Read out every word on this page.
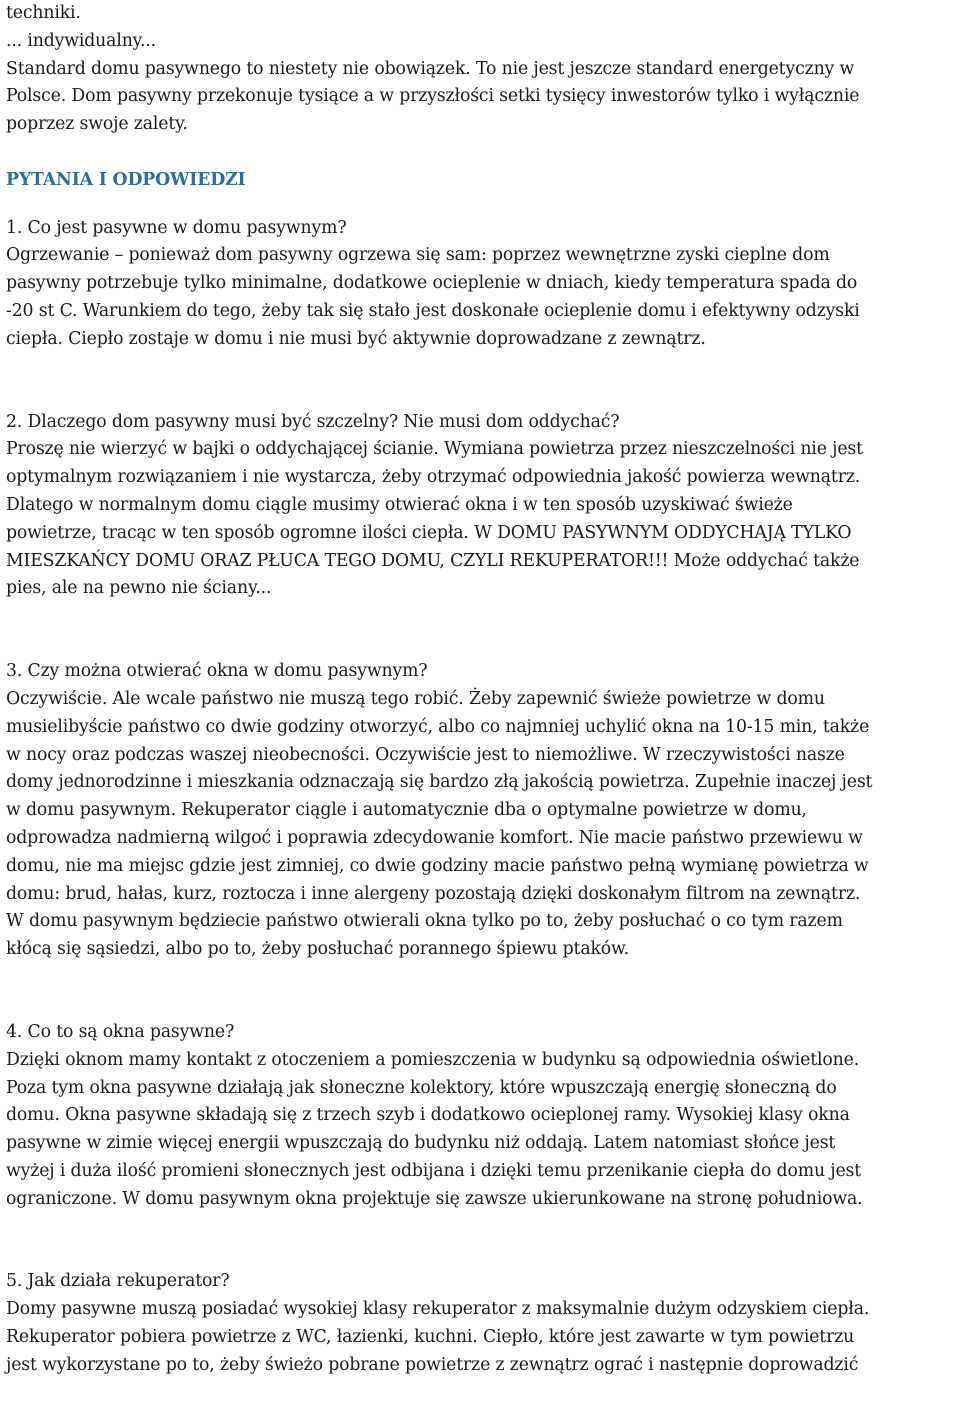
techniki.
... indywidualny...
Standard domu pasywnego to niestety nie obowiązek. To nie jest jeszcze standard energetyczny w
Polsce. Dom pasywny przekonuje tysiące a w przyszłości setki tysięcy inwestorów tylko i wyłącznie
poprzez swoje zalety.
PYTANIA I ODPOWIEDZI
1. Co jest pasywne w domu pasywnym?
Ogrzewanie – ponieważ dom pasywny ogrzewa się sam: poprzez wewnętrzne zyski cieplne dom
pasywny potrzebuje tylko minimalne, dodatkowe ocieplenie w dniach, kiedy temperatura spada do
-20 st C. Warunkiem do tego, żeby tak się stało jest doskonałe ocieplenie domu i efektywny odzyski
ciepła. Ciepło zostaje w domu i nie musi być aktywnie doprowadzane z zewnątrz.
2. Dlaczego dom pasywny musi być szczelny? Nie musi dom oddychać?
Proszę nie wierzyć w bajki o oddychającej ścianie. Wymiana powietrza przez nieszczelności nie jest
optymalnym rozwiązaniem i nie wystarcza, żeby otrzymać odpowiednia jakość powierza wewnątrz.
Dlatego w normalnym domu ciągle musimy otwierać okna i w ten sposób uzyskiwać świeże
powietrze, tracąc w ten sposób ogromne ilości ciepła. W DOMU PASYWNYM ODDYCHAJĄ TYLKO
MIESZKAŃCY DOMU ORAZ PŁUCA TEGO DOMU, CZYLI REKUPERATOR!!! Może oddychać także
pies, ale na pewno nie ściany...
3. Czy można otwierać okna w domu pasywnym?
Oczywiście. Ale wcale państwo nie muszą tego robić. Żeby zapewnić świeże powietrze w domu
musielibyście państwo co dwie godziny otworzyć, albo co najmniej uchylić okna na 10-15 min, także
w nocy oraz podczas waszej nieobecności. Oczywiście jest to niemożliwe. W rzeczywistości nasze
domy jednorodzinne i mieszkania odznaczają się bardzo złą jakością powietrza. Zupełnie inaczej jest
w domu pasywnym. Rekuperator ciągle i automatycznie dba o optymalne powietrze w domu,
odprowadza nadmierną wilgoć i poprawia zdecydowanie komfort. Nie macie państwo przewiewu w
domu, nie ma miejsc gdzie jest zimniej, co dwie godziny macie państwo pełną wymianę powietrza w
domu: brud, hałas, kurz, roztocza i inne alergeny pozostają dzięki doskonałym filtrom na zewnątrz.
W domu pasywnym będziecie państwo otwierali okna tylko po to, żeby posłuchać o co tym razem
kłócą się sąsiedzi, albo po to, żeby posłuchać porannego śpiewu ptaków.
4. Co to są okna pasywne?
Dzięki oknom mamy kontakt z otoczeniem a pomieszczenia w budynku są odpowiednia oświetlone.
Poza tym okna pasywne działają jak słoneczne kolektory, które wpuszczają energię słoneczną do
domu. Okna pasywne składają się z trzech szyb i dodatkowo ocieplonej ramy. Wysokiej klasy okna
pasywne w zimie więcej energii wpuszczają do budynku niż oddają. Latem natomiast słońce jest
wyżej i duża ilość promieni słonecznych jest odbijana i dzięki temu przenikanie ciepła do domu jest
ograniczone. W domu pasywnym okna projektuje się zawsze ukierunkowane na stronę południowa.
5. Jak działa rekuperator?
Domy pasywne muszą posiadać wysokiej klasy rekuperator z maksymalnie dużym odzyskiem ciepła.
Rekuperator pobiera powietrze z WC, łazienki, kuchni. Ciepło, które jest zawarte w tym powietrzu
jest wykorzystane po to, żeby świeżo pobrane powietrze z zewnątrz ograć i następnie doprowadzić
